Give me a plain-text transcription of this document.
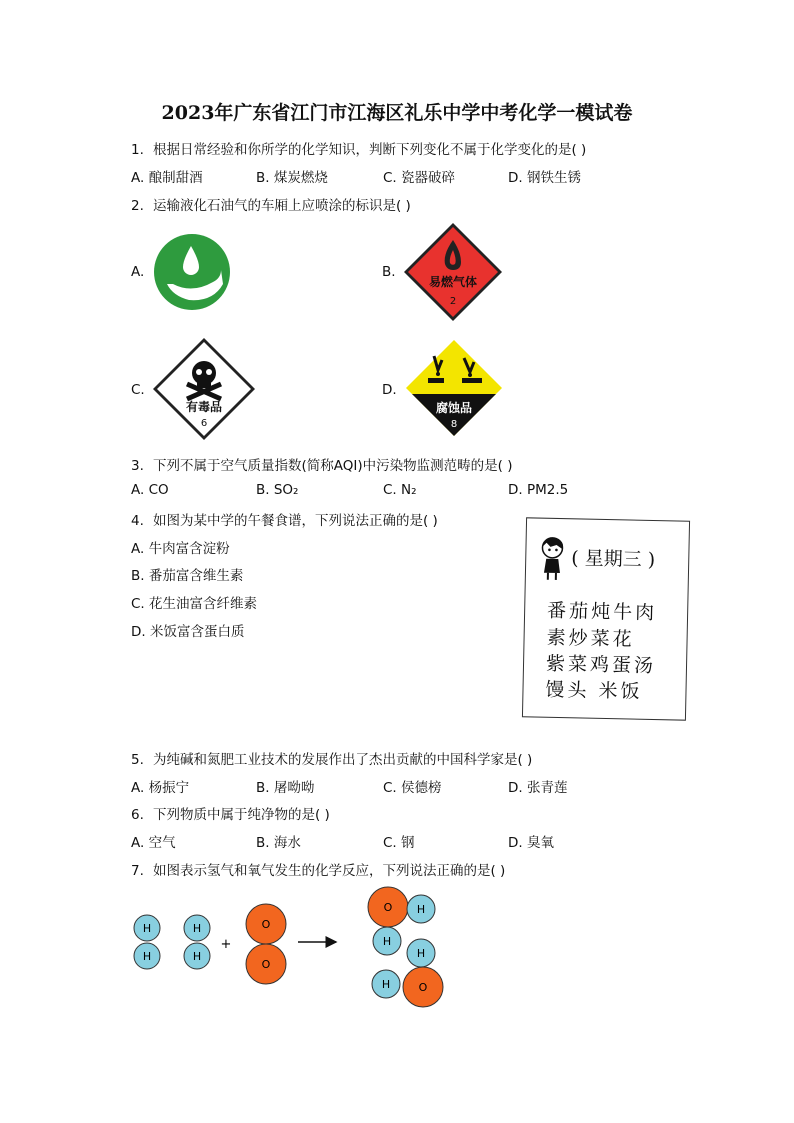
2023年广东省江门市江海区礼乐中学中考化学一模试卷
1. 根据日常经验和你所学的化学知识，判断下列变化不属于化学变化的是( )
A. 酿制甜酒	B. 煤炭燃烧	C. 瓷器破碎	D. 钢铁生锈
2. 运输液化石油气的车厢上应喷涂的标识是( )
A.	B.
易燃气体
2
C.
有毒品
6
D.
腐蚀品
8
3. 下列不属于空气质量指数(简称AQI)中污染物监测范畴的是( )
A. CO	B. SO₂	C. N₂	D. PM2.5
4. 如图为某中学的午餐食谱，下列说法正确的是( )
A. 牛肉富含淀粉
B. 番茄富含维生素
C. 花生油富含纤维素
D. 米饭富含蛋白质
( 星期三 )
番茄炖牛肉
素炒菜花
紫菜鸡蛋汤
馒头 米饭
5. 为纯碱和氮肥工业技术的发展作出了杰出贡献的中国科学家是( )
A. 杨振宁	B. 屠呦呦	C. 侯德榜	D. 张青莲
6. 下列物质中属于纯净物的是( )
A. 空气	B. 海水	C. 钢	D. 臭氧
7. 如图表示氢气和氧气发生的化学反应，下列说法正确的是( )
H
H
H
H
+
O
O
O H
H
H
H	O
